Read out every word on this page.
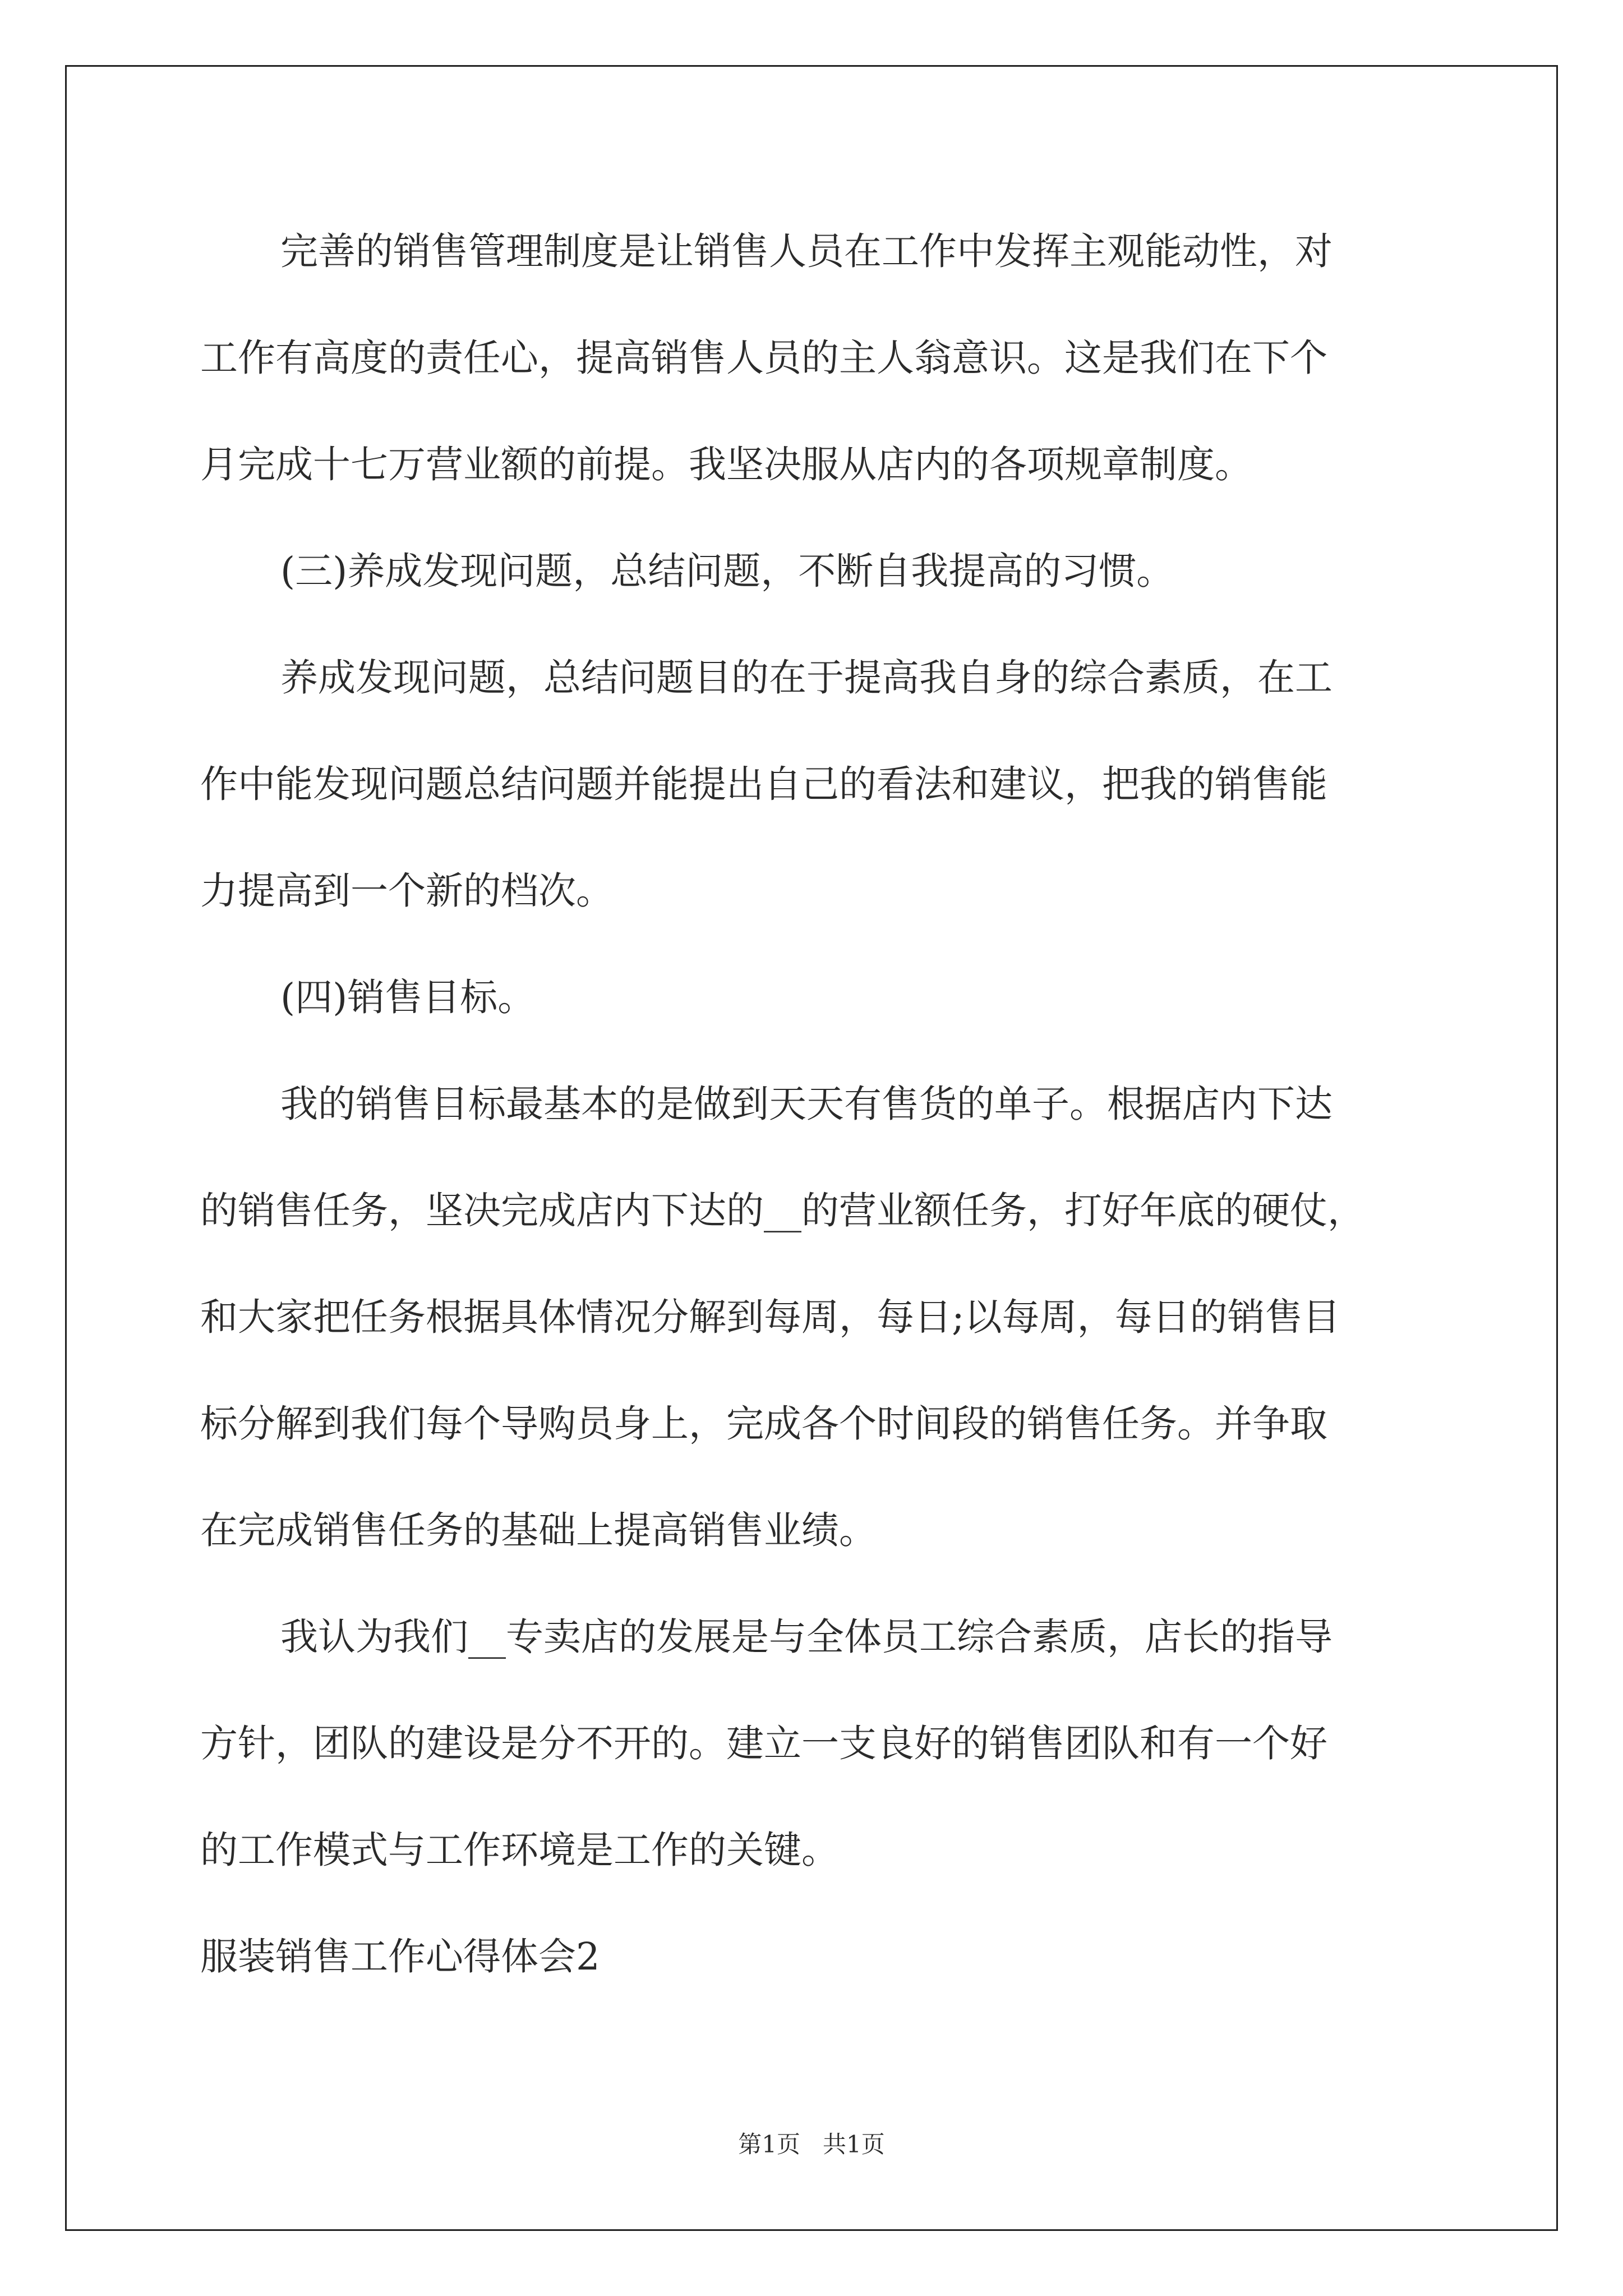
完善的销售管理制度是让销售人员在工作中发挥主观能动性，对

工作有高度的责任心，提高销售人员的主人翁意识。这是我们在下个

月完成十七万营业额的前提。我坚决服从店内的各项规章制度。

(三)养成发现问题，总结问题，不断自我提高的习惯。

养成发现问题，总结问题目的在于提高我自身的综合素质，在工

作中能发现问题总结问题并能提出自己的看法和建议，把我的销售能

力提高到一个新的档次。

(四)销售目标。

我的销售目标最基本的是做到天天有售货的单子。根据店内下达

的销售任务，坚决完成店内下达的__的营业额任务，打好年底的硬仗，

和大家把任务根据具体情况分解到每周，每日;以每周，每日的销售目

标分解到我们每个导购员身上，完成各个时间段的销售任务。并争取

在完成销售任务的基础上提高销售业绩。

我认为我们__专卖店的发展是与全体员工综合素质，店长的指导

方针，团队的建设是分不开的。建立一支良好的销售团队和有一个好

的工作模式与工作环境是工作的关键。

服装销售工作心得体会2

第1页   共1页
